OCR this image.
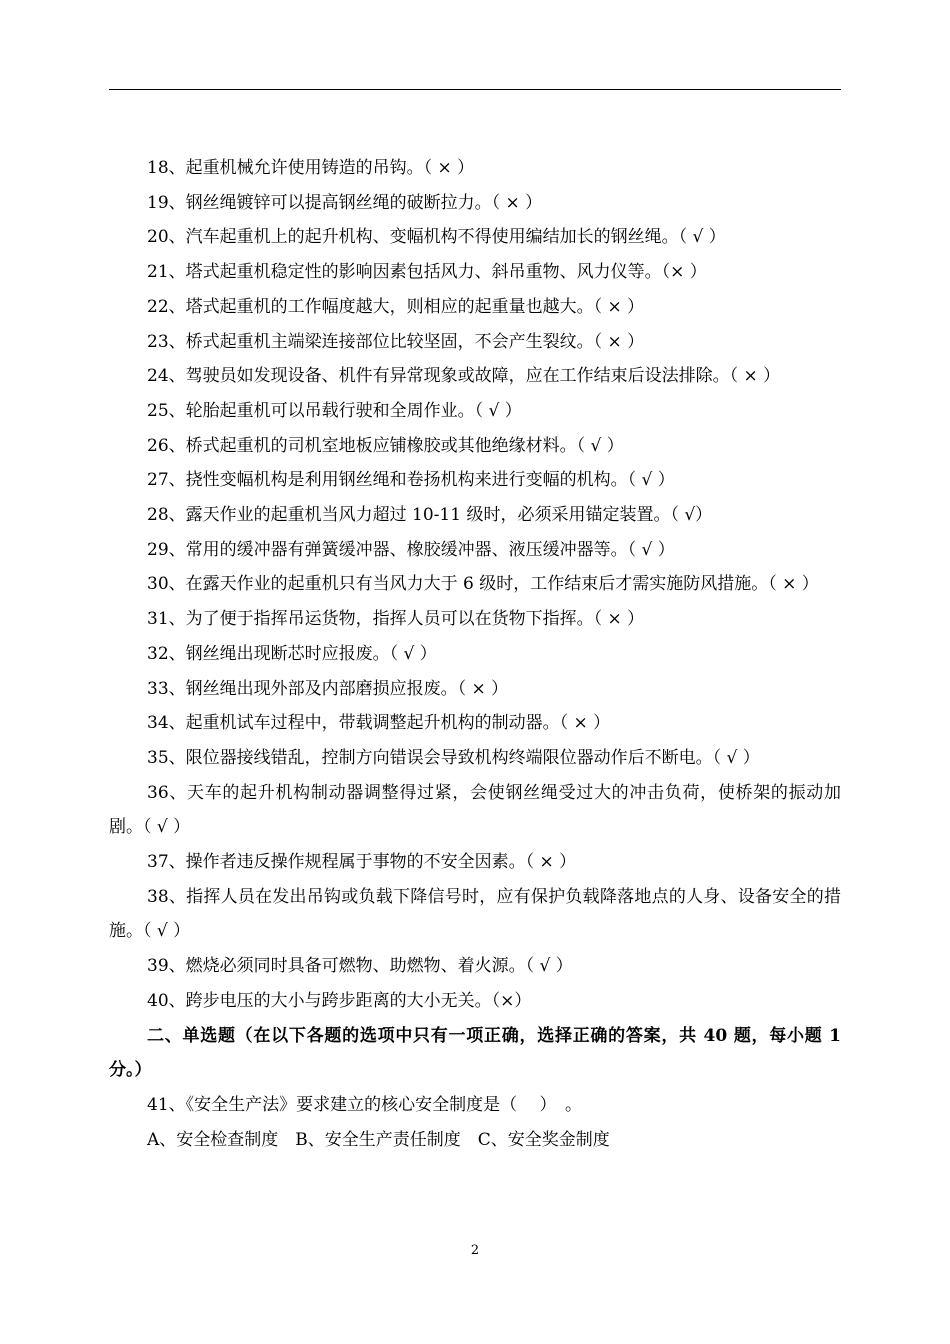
18、起重机械允许使用铸造的吊钩。（ × ）

19、钢丝绳镀锌可以提高钢丝绳的破断拉力。（ × ）

20、汽车起重机上的起升机构、变幅机构不得使用编结加长的钢丝绳。（ √ ）

21、塔式起重机稳定性的影响因素包括风力、斜吊重物、风力仪等。（× ）

22、塔式起重机的工作幅度越大，则相应的起重量也越大。（ × ）

23、桥式起重机主端梁连接部位比较坚固，不会产生裂纹。（ × ）

24、驾驶员如发现设备、机件有异常现象或故障，应在工作结束后设法排除。（ × ）

25、轮胎起重机可以吊载行驶和全周作业。（ √ ）

26、桥式起重机的司机室地板应铺橡胶或其他绝缘材料。（ √ ）

27、挠性变幅机构是利用钢丝绳和卷扬机构来进行变幅的机构。（ √ ）

28、露天作业的起重机当风力超过 10-11 级时，必须采用锚定装置。（ √）

29、常用的缓冲器有弹簧缓冲器、橡胶缓冲器、液压缓冲器等。（ √ ）

30、在露天作业的起重机只有当风力大于 6 级时，工作结束后才需实施防风措施。（ × ）

31、为了便于指挥吊运货物，指挥人员可以在货物下指挥。（ × ）

32、钢丝绳出现断芯时应报废。（ √ ）

33、钢丝绳出现外部及内部磨损应报废。（ × ）

34、起重机试车过程中，带载调整起升机构的制动器。（ × ）

35、限位器接线错乱，控制方向错误会导致机构终端限位器动作后不断电。（ √ ）

36、天车的起升机构制动器调整得过紧，会使钢丝绳受过大的冲击负荷，使桥架的振动加剧。（ √ ）

37、操作者违反操作规程属于事物的不安全因素。（ × ）

38、指挥人员在发出吊钩或负载下降信号时，应有保护负载降落地点的人身、设备安全的措施。（ √ ）

39、燃烧必须同时具备可燃物、助燃物、着火源。（ √ ）

40、跨步电压的大小与跨步距离的大小无关。（×）

二、单选题（在以下各题的选项中只有一项正确，选择正确的答案，共 40 题，每小题 1 分。）

41、《安全生产法》要求建立的核心安全制度是（　 ）　。

A、安全检查制度　B、安全生产责任制度　C、安全奖金制度

2
